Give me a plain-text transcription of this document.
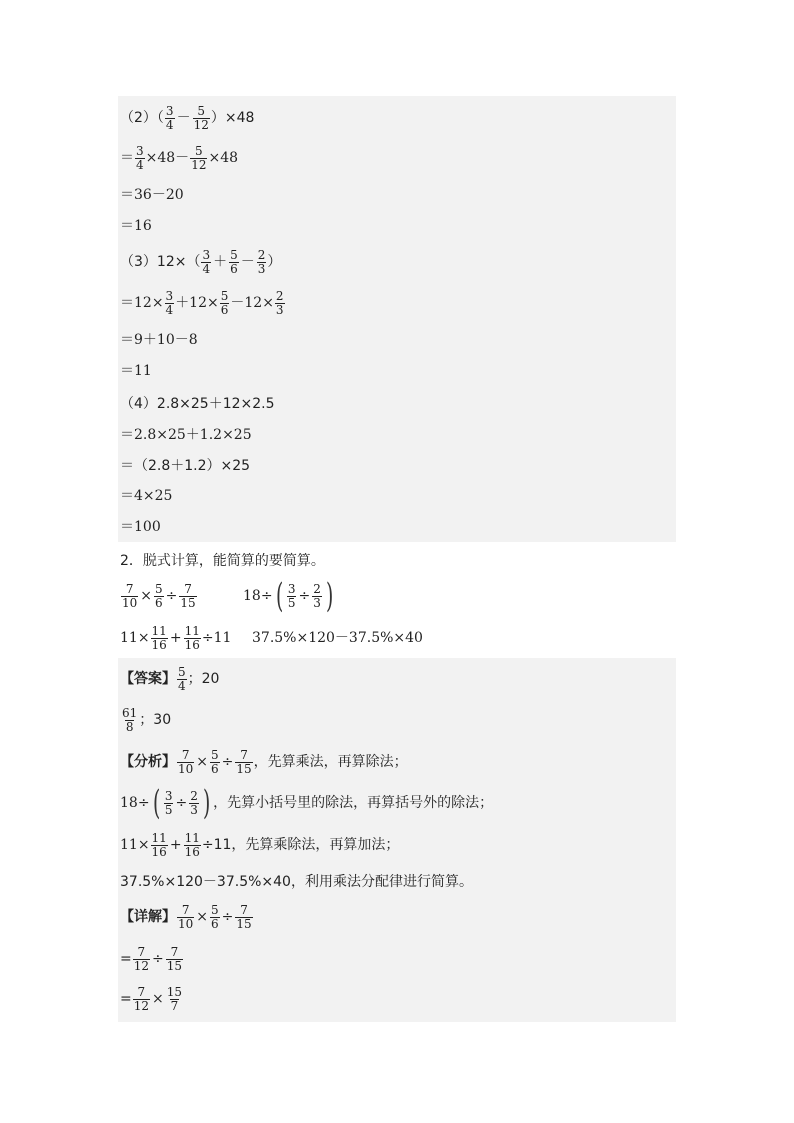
$(2)( \frac{3}{4} - \frac{5}{12} )\times 48$
＝ $\frac{3}{4} \times 48- \frac{5}{12} \times 48$
＝36－20
＝16
$(3)12\times( \frac{3}{4} + \frac{5}{6} - \frac{2}{3}$ ）
$=12\times \frac{3}{4} +12\times \frac{5}{6} -12\times \frac{2}{3}$
＝9＋10－8
＝11
（4）2.8×25＋12×2.5
＝2.8×25＋1.2×25
＝（2.8＋1.2）×25
＝4×25
＝100
2．脱式计算，能简算的要简算。
$\frac{7}{10} \times \frac{5}{6} \div \frac{7}{15}$	18÷ ( $\frac{3}{5} \div \frac{2}{3}$ )
$11\times \frac{11}{16} + \frac{11}{16} \div 11$ 37.5%×120－37.5%×40
【答案】 $\frac{5}{4}$ ；20
$\frac{61}{8}$ ；30
【分析】 $\frac{7}{10} \times \frac{5}{6} \div \frac{7}{15}$ ，先算乘法，再算除法；
18÷ ( $\frac{3}{5} \div \frac{2}{3}$ ) ，先算小括号里的除法，再算括号外的除法；
$11\times \frac{11}{16} + \frac{11}{16} \div 11$，先算乘除法，再算加法；
37.5%×120－37.5%×40，利用乘法分配律进行简算。
【详解】 $\frac{7}{10} \times \frac{5}{6} \div \frac{7}{15}$
= $\frac{7}{12} \div \frac{7}{15}$
= $\frac{7}{12} \times \frac{15}{7}$
